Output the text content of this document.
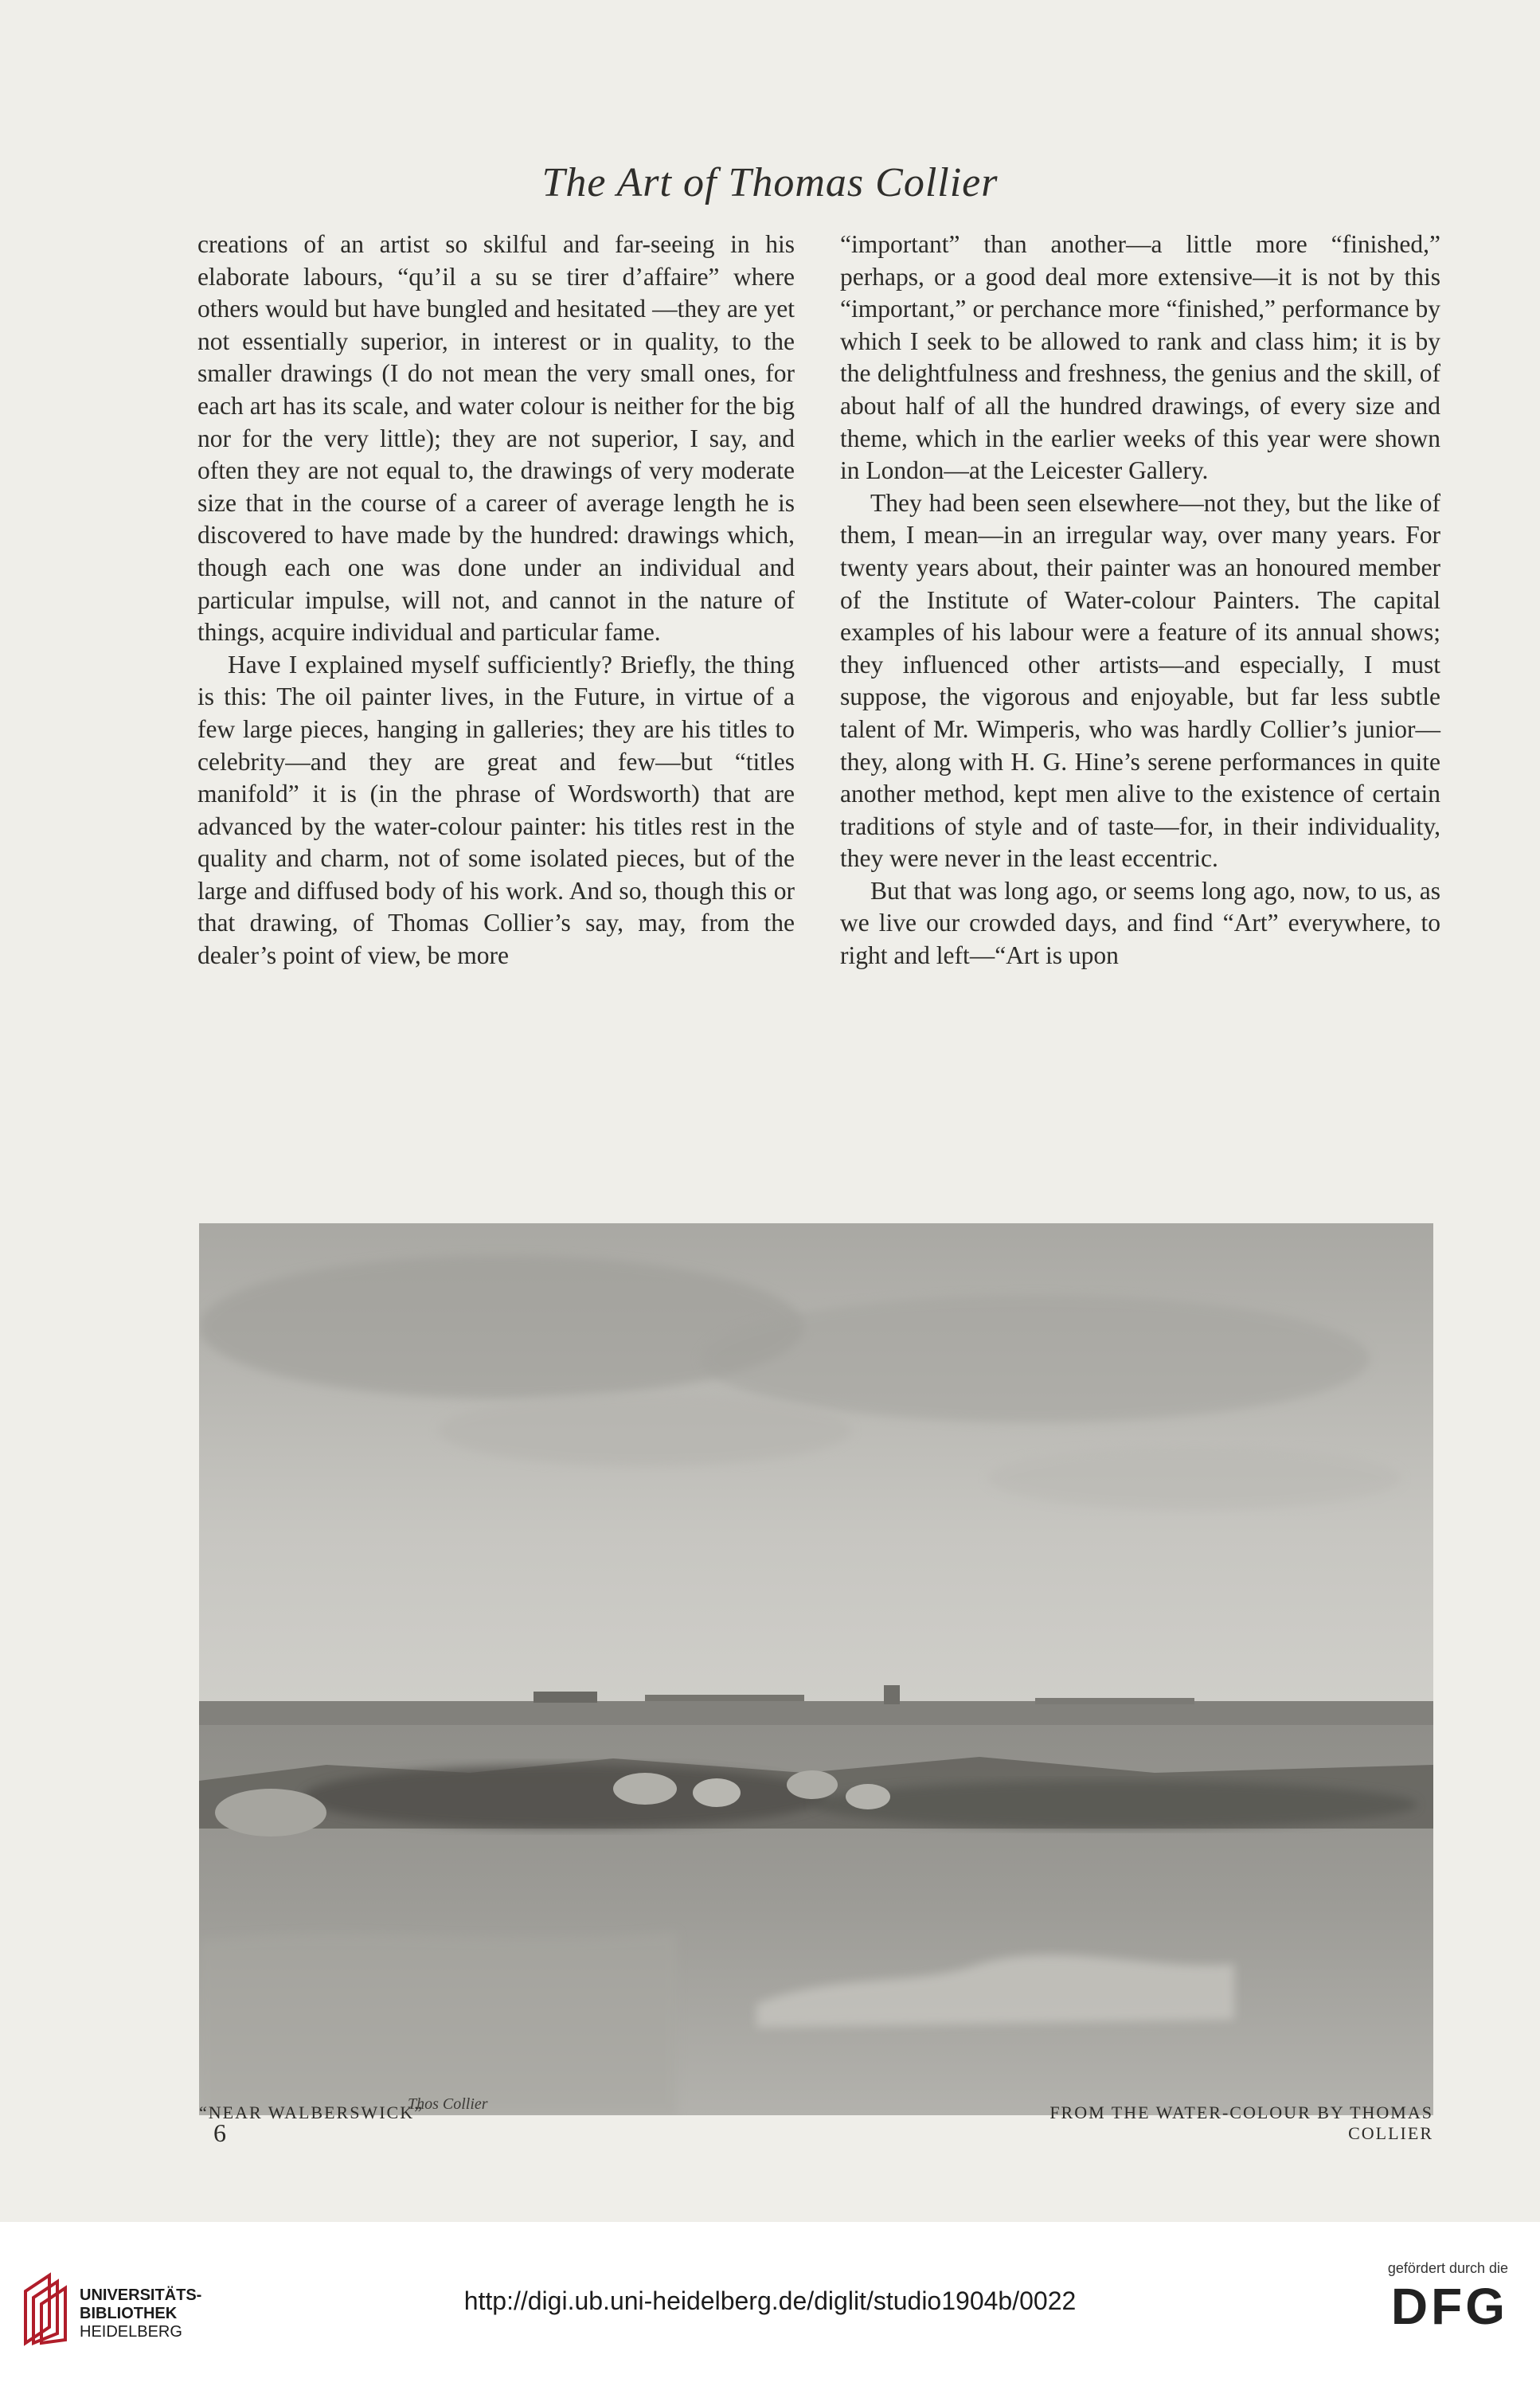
The Art of Thomas Collier

creations of an artist so skilful and far-seeing in his elaborate labours, “qu’il a su se tirer d’affaire” where others would but have bungled and hesitated —they are yet not essentially superior, in interest or in quality, to the smaller drawings (I do not mean the very small ones, for each art has its scale, and water colour is neither for the big nor for the very little); they are not superior, I say, and often they are not equal to, the drawings of very moderate size that in the course of a career of average length he is discovered to have made by the hundred: drawings which, though each one was done under an individual and particular impulse, will not, and cannot in the nature of things, acquire individual and particular fame.

Have I explained myself sufficiently? Briefly, the thing is this: The oil painter lives, in the Future, in virtue of a few large pieces, hanging in galleries; they are his titles to celebrity—and they are great and few—but “titles manifold” it is (in the phrase of Wordsworth) that are advanced by the water-colour painter: his titles rest in the quality and charm, not of some isolated pieces, but of the large and diffused body of his work. And so, though this or that drawing, of Thomas Collier’s say, may, from the dealer’s point of view, be more

“important” than another—a little more “finished,” perhaps, or a good deal more extensive—it is not by this “important,” or perchance more “finished,” performance by which I seek to be allowed to rank and class him; it is by the delightfulness and freshness, the genius and the skill, of about half of all the hundred drawings, of every size and theme, which in the earlier weeks of this year were shown in London—at the Leicester Gallery.

They had been seen elsewhere—not they, but the like of them, I mean—in an irregular way, over many years. For twenty years about, their painter was an honoured member of the Institute of Water-colour Painters. The capital examples of his labour were a feature of its annual shows; they influenced other artists—and especially, I must suppose, the vigorous and enjoyable, but far less subtle talent of Mr. Wimperis, who was hardly Collier’s junior—they, along with H. G. Hine’s serene performances in quite another method, kept men alive to the existence of certain traditions of style and of taste—for, in their individuality, they were never in the least eccentric.

But that was long ago, or seems long ago, now, to us, as we live our crowded days, and find “Art” everywhere, to right and left—“Art is upon

Thos Collier
“NEAR WALBERSWICK”	FROM THE WATER-COLOUR BY THOMAS COLLIER
6
UNIVERSITÄTS-
BIBLIOTHEK
HEIDELBERG
http://digi.ub.uni-heidelberg.de/diglit/studio1904b/0022
gefördert durch die
DFG
